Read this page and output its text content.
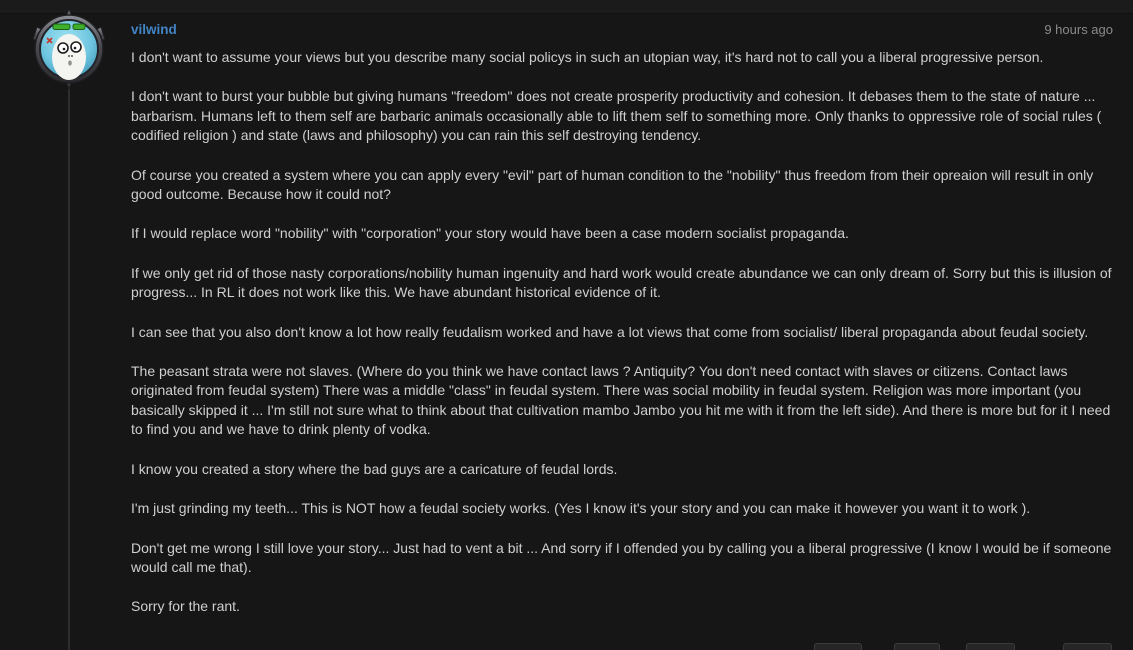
vilwind	9 hours ago

I don't want to assume your views but you describe many social policys in such an utopian way, it's hard not to call you a liberal progressive person.

I don't want to burst your bubble but giving humans "freedom" does not create prosperity productivity and cohesion. It debases them to the state of nature ... barbarism. Humans left to them self are barbaric animals occasionally able to lift them self to something more. Only thanks to oppressive role of social rules ( codified religion ) and state (laws and philosophy) you can rain this self destroying tendency.

Of course you created a system where you can apply every "evil" part of human condition to the "nobility" thus freedom from their opreaion will result in only good outcome. Because how it could not?

If I would replace word "nobility" with "corporation" your story would have been a case modern socialist propaganda.

If we only get rid of those nasty corporations/nobility human ingenuity and hard work would create abundance we can only dream of. Sorry but this is illusion of progress... In RL it does not work like this. We have abundant historical evidence of it.

I can see that you also don't know a lot how really feudalism worked and have a lot views that come from socialist/ liberal propaganda about feudal society.

The peasant strata were not slaves. (Where do you think we have contact laws ? Antiquity? You don't need contact with slaves or citizens. Contact laws originated from feudal system) There was a middle "class" in feudal system. There was social mobility in feudal system. Religion was more important (you basically skipped it ... I'm still not sure what to think about that cultivation mambo Jambo you hit me with it from the left side). And there is more but for it I need to find you and we have to drink plenty of vodka.

I know you created a story where the bad guys are a caricature of feudal lords.

I'm just grinding my teeth... This is NOT how a feudal society works. (Yes I know it's your story and you can make it however you want it to work ).

Don't get me wrong I still love your story... Just had to vent a bit ... And sorry if I offended you by calling you a liberal progressive (I know I would be if someone would call me that).

Sorry for the rant.
